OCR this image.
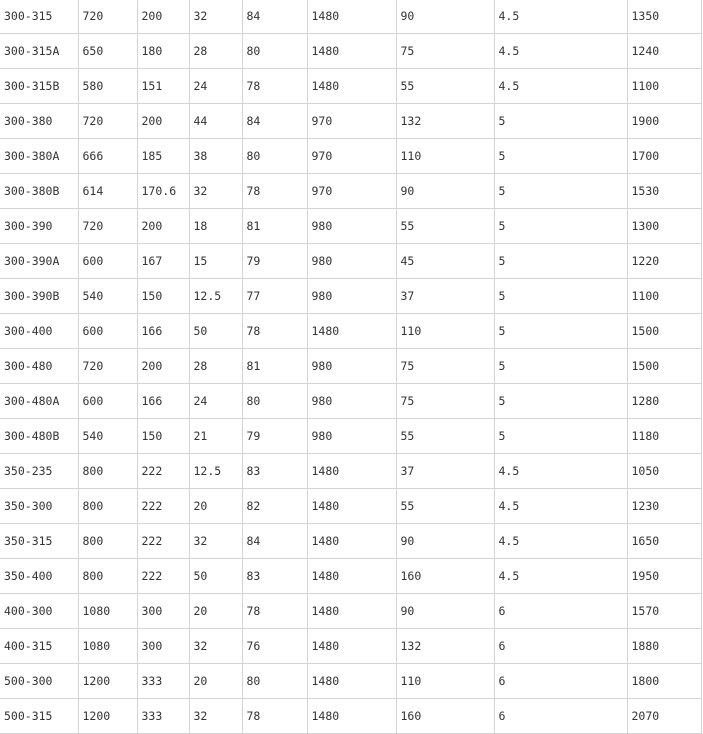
300-315	720	200	32	84	1480	90	4.5	1350
300-315A	650	180	28	80	1480	75	4.5	1240
300-315B	580	151	24	78	1480	55	4.5	1100
300-380	720	200	44	84	970	132	5	1900
300-380A	666	185	38	80	970	110	5	1700
300-380B	614	170.6	32	78	970	90	5	1530
300-390	720	200	18	81	980	55	5	1300
300-390A	600	167	15	79	980	45	5	1220
300-390B	540	150	12.5	77	980	37	5	1100
300-400	600	166	50	78	1480	110	5	1500
300-480	720	200	28	81	980	75	5	1500
300-480A	600	166	24	80	980	75	5	1280
300-480B	540	150	21	79	980	55	5	1180
350-235	800	222	12.5	83	1480	37	4.5	1050
350-300	800	222	20	82	1480	55	4.5	1230
350-315	800	222	32	84	1480	90	4.5	1650
350-400	800	222	50	83	1480	160	4.5	1950
400-300	1080	300	20	78	1480	90	6	1570
400-315	1080	300	32	76	1480	132	6	1880
500-300	1200	333	20	80	1480	110	6	1800
500-315	1200	333	32	78	1480	160	6	2070
